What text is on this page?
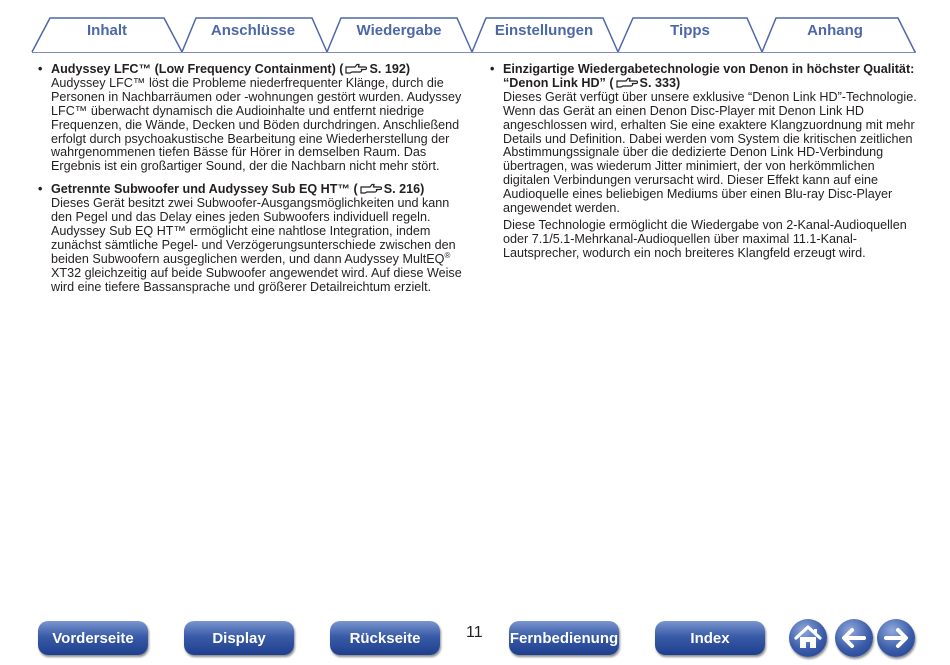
Inhalt	Anschlüsse	Wiedergabe	Einstellungen	Tipps	Anhang
• Audyssey LFC™ (Low Frequency Containment) ( S. 192)

Audyssey LFC™ löst die Probleme niederfrequenter Klänge, durch die Personen in Nachbarräumen oder -wohnungen gestört wurden. Audyssey LFC™ überwacht dynamisch die Audioinhalte und entfernt niedrige Frequenzen, die Wände, Decken und Böden durchdringen. Anschließend erfolgt durch psychoakustische Bearbeitung eine Wiederherstellung der wahrgenommenen tiefen Bässe für Hörer in demselben Raum. Das Ergebnis ist ein großartiger Sound, der die Nachbarn nicht mehr stört.

• Getrennte Subwoofer und Audyssey Sub EQ HT™ ( S. 216)

Dieses Gerät besitzt zwei Subwoofer-Ausgangsmöglichkeiten und kann den Pegel und das Delay eines jeden Subwoofers individuell regeln. Audyssey Sub EQ HT™ ermöglicht eine nahtlose Integration, indem zunächst sämtliche Pegel- und Verzögerungsunterschiede zwischen den beiden Subwoofern ausgeglichen werden, und dann Audyssey MultEQ® XT32 gleichzeitig auf beide Subwoofer angewendet wird. Auf diese Weise wird eine tiefere Bassansprache und größerer Detailreichtum erzielt.

• Einzigartige Wiedergabetechnologie von Denon in höchster Qualität: “Denon Link HD” ( S. 333)

Dieses Gerät verfügt über unsere exklusive “Denon Link HD”-Technologie. Wenn das Gerät an einen Denon Disc-Player mit Denon Link HD angeschlossen wird, erhalten Sie eine exaktere Klangzuordnung mit mehr Details und Definition. Dabei werden vom System die kritischen zeitlichen Abstimmungssignale über die dedizierte Denon Link HD-Verbindung übertragen, was wiederum Jitter minimiert, der von herkömmlichen digitalen Verbindungen verursacht wird. Dieser Effekt kann auf eine Audioquelle eines beliebigen Mediums über einen Blu-ray Disc-Player angewendet werden.

Diese Technologie ermöglicht die Wiedergabe von 2-Kanal-Audioquellen oder 7.1/5.1-Mehrkanal-Audioquellen über maximal 11.1-Kanal-Lautsprecher, wodurch ein noch breiteres Klangfeld erzeugt wird.

Vorderseite	Display	Rückseite	11 Fernbedienung	Index
